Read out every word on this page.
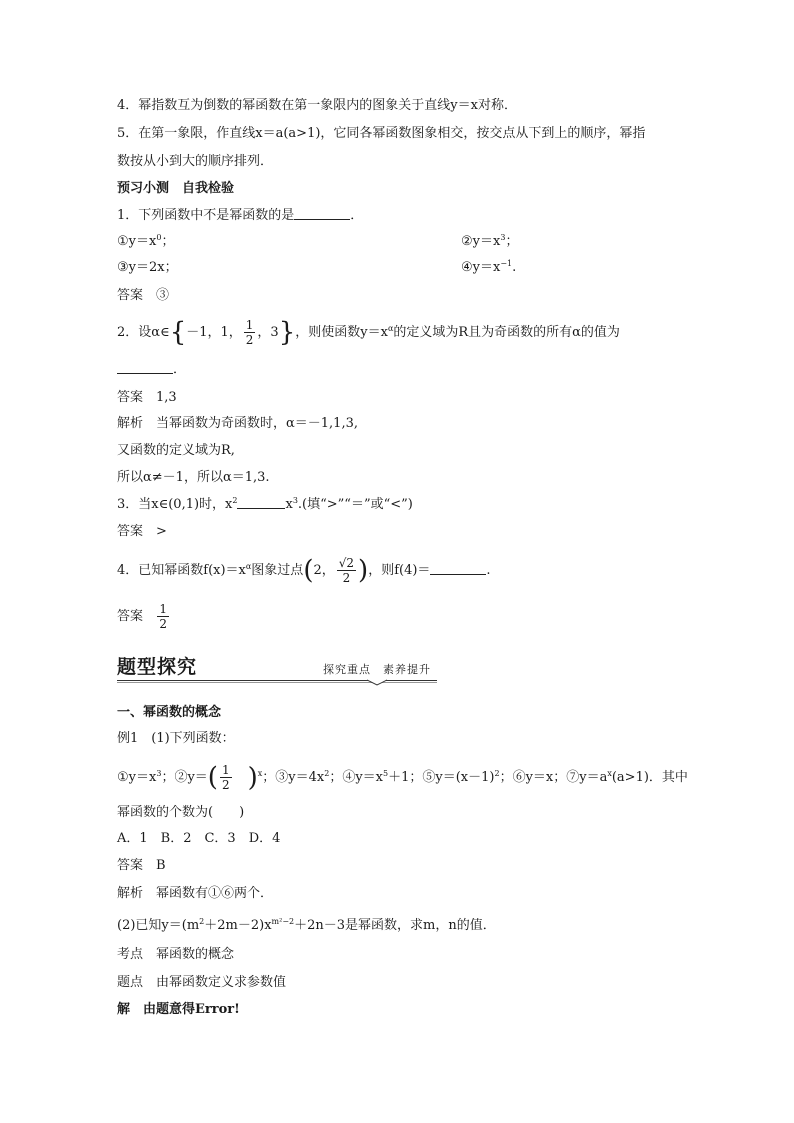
4．幂指数互为倒数的幂函数在第一象限内的图象关于直线y＝x对称．
5．在第一象限，作直线x＝a(a>1)，它同各幂函数图象相交，按交点从下到上的顺序，幂指
数按从小到大的顺序排列．
预习小测　自我检验
1．下列函数中不是幂函数的是	．
$①y=x^0$；	$②y=x^3$；
③y＝2x；	$④y=x^{-1}$.
答案　③
2．设α∈{－1，1， $\frac{1}{2}$ ，3}，则使函数$y=x^\alpha$的定义域为R且为奇函数的所有α的值为
．
答案　1,3
解析　当幂函数为奇函数时，α＝－1,1,3,
又函数的定义域为R,
所以α≠－1，所以α＝1,3.
3．当x∈(0,1)时，$x^2$	$x^3$.(填“>”“＝”或“<”)
答案　>
4．已知幂函数$f(x)=x^\alpha$图象过点(2， $\frac{√2}{2}$ )，则f(4)＝	.
答案 $\frac{1}{2}$
题型探究	探究重点　素养提升
一、幂函数的概念
例1　(1)下列函数：
$①y=x^3$；②y＝( $\frac{1}{2} )^x$；$③y=4x^2$；$④y=x^5+1$；$⑤y=(x-1)^2$；⑥y＝x；$⑦y=a^x(a>1)$．其中
幂函数的个数为(　　)
A．1　B．2　C．3　D．4
答案　B
解析　幂函数有①⑥两个．
(2)已知$y=(m^2+2m-2)x^{m^2-2}+2n-3$是幂函数，求m，n的值．
考点　幂函数的概念
题点　由幂函数定义求参数值
解　由题意得Error!
